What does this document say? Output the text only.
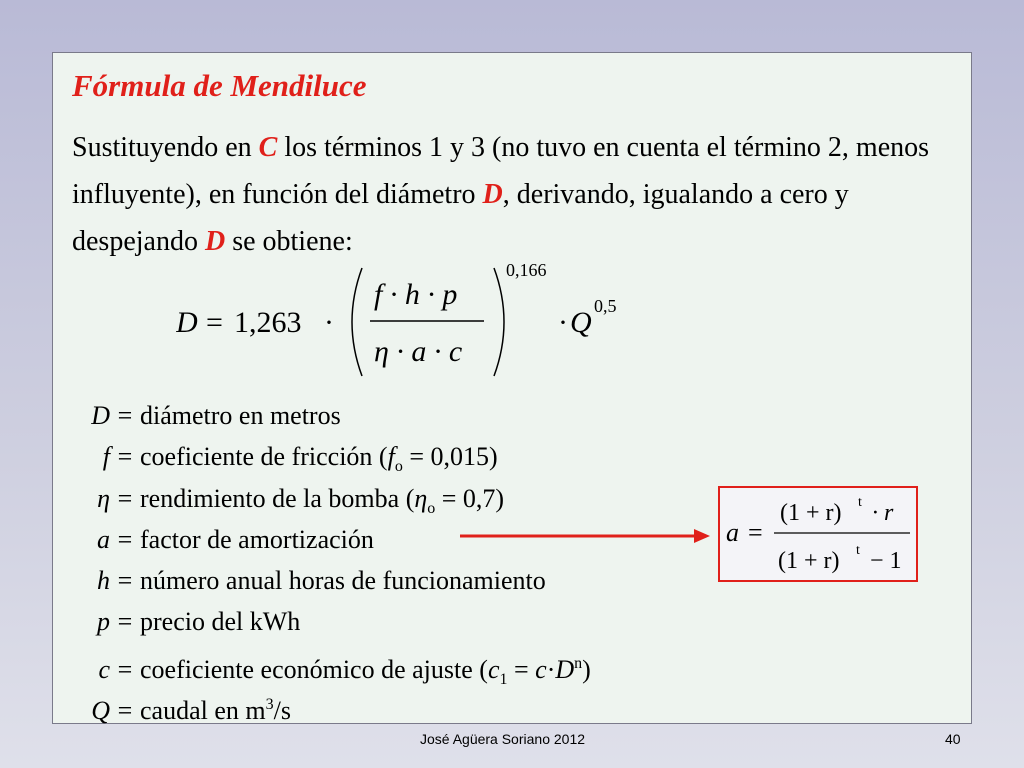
Fórmula de Mendiluce
Sustituyendo en C los términos 1 y 3 (no tuvo en cuenta el término 2, menos influyente), en función del diámetro D, derivando, igualando a cero y despejando D se obtiene:
D = 1,263 ·
f · h · p
η · a · c
0,166
· Q 0,5
D = diámetro en metros
f = coeficiente de fricción $(f_o = 0,015)$
η = rendimiento de la bomba $(\eta_o = 0,7)$
a = factor de amortización
h = número anual horas de funcionamiento
p = precio del kWh
c = coeficiente económico de ajuste $(c_1 = c\cdot D^n)$
Q = caudal en $m^3/s$
a =
(1 + r) t · r
(1 + r) t − 1
José Agüera Soriano 2012	40
